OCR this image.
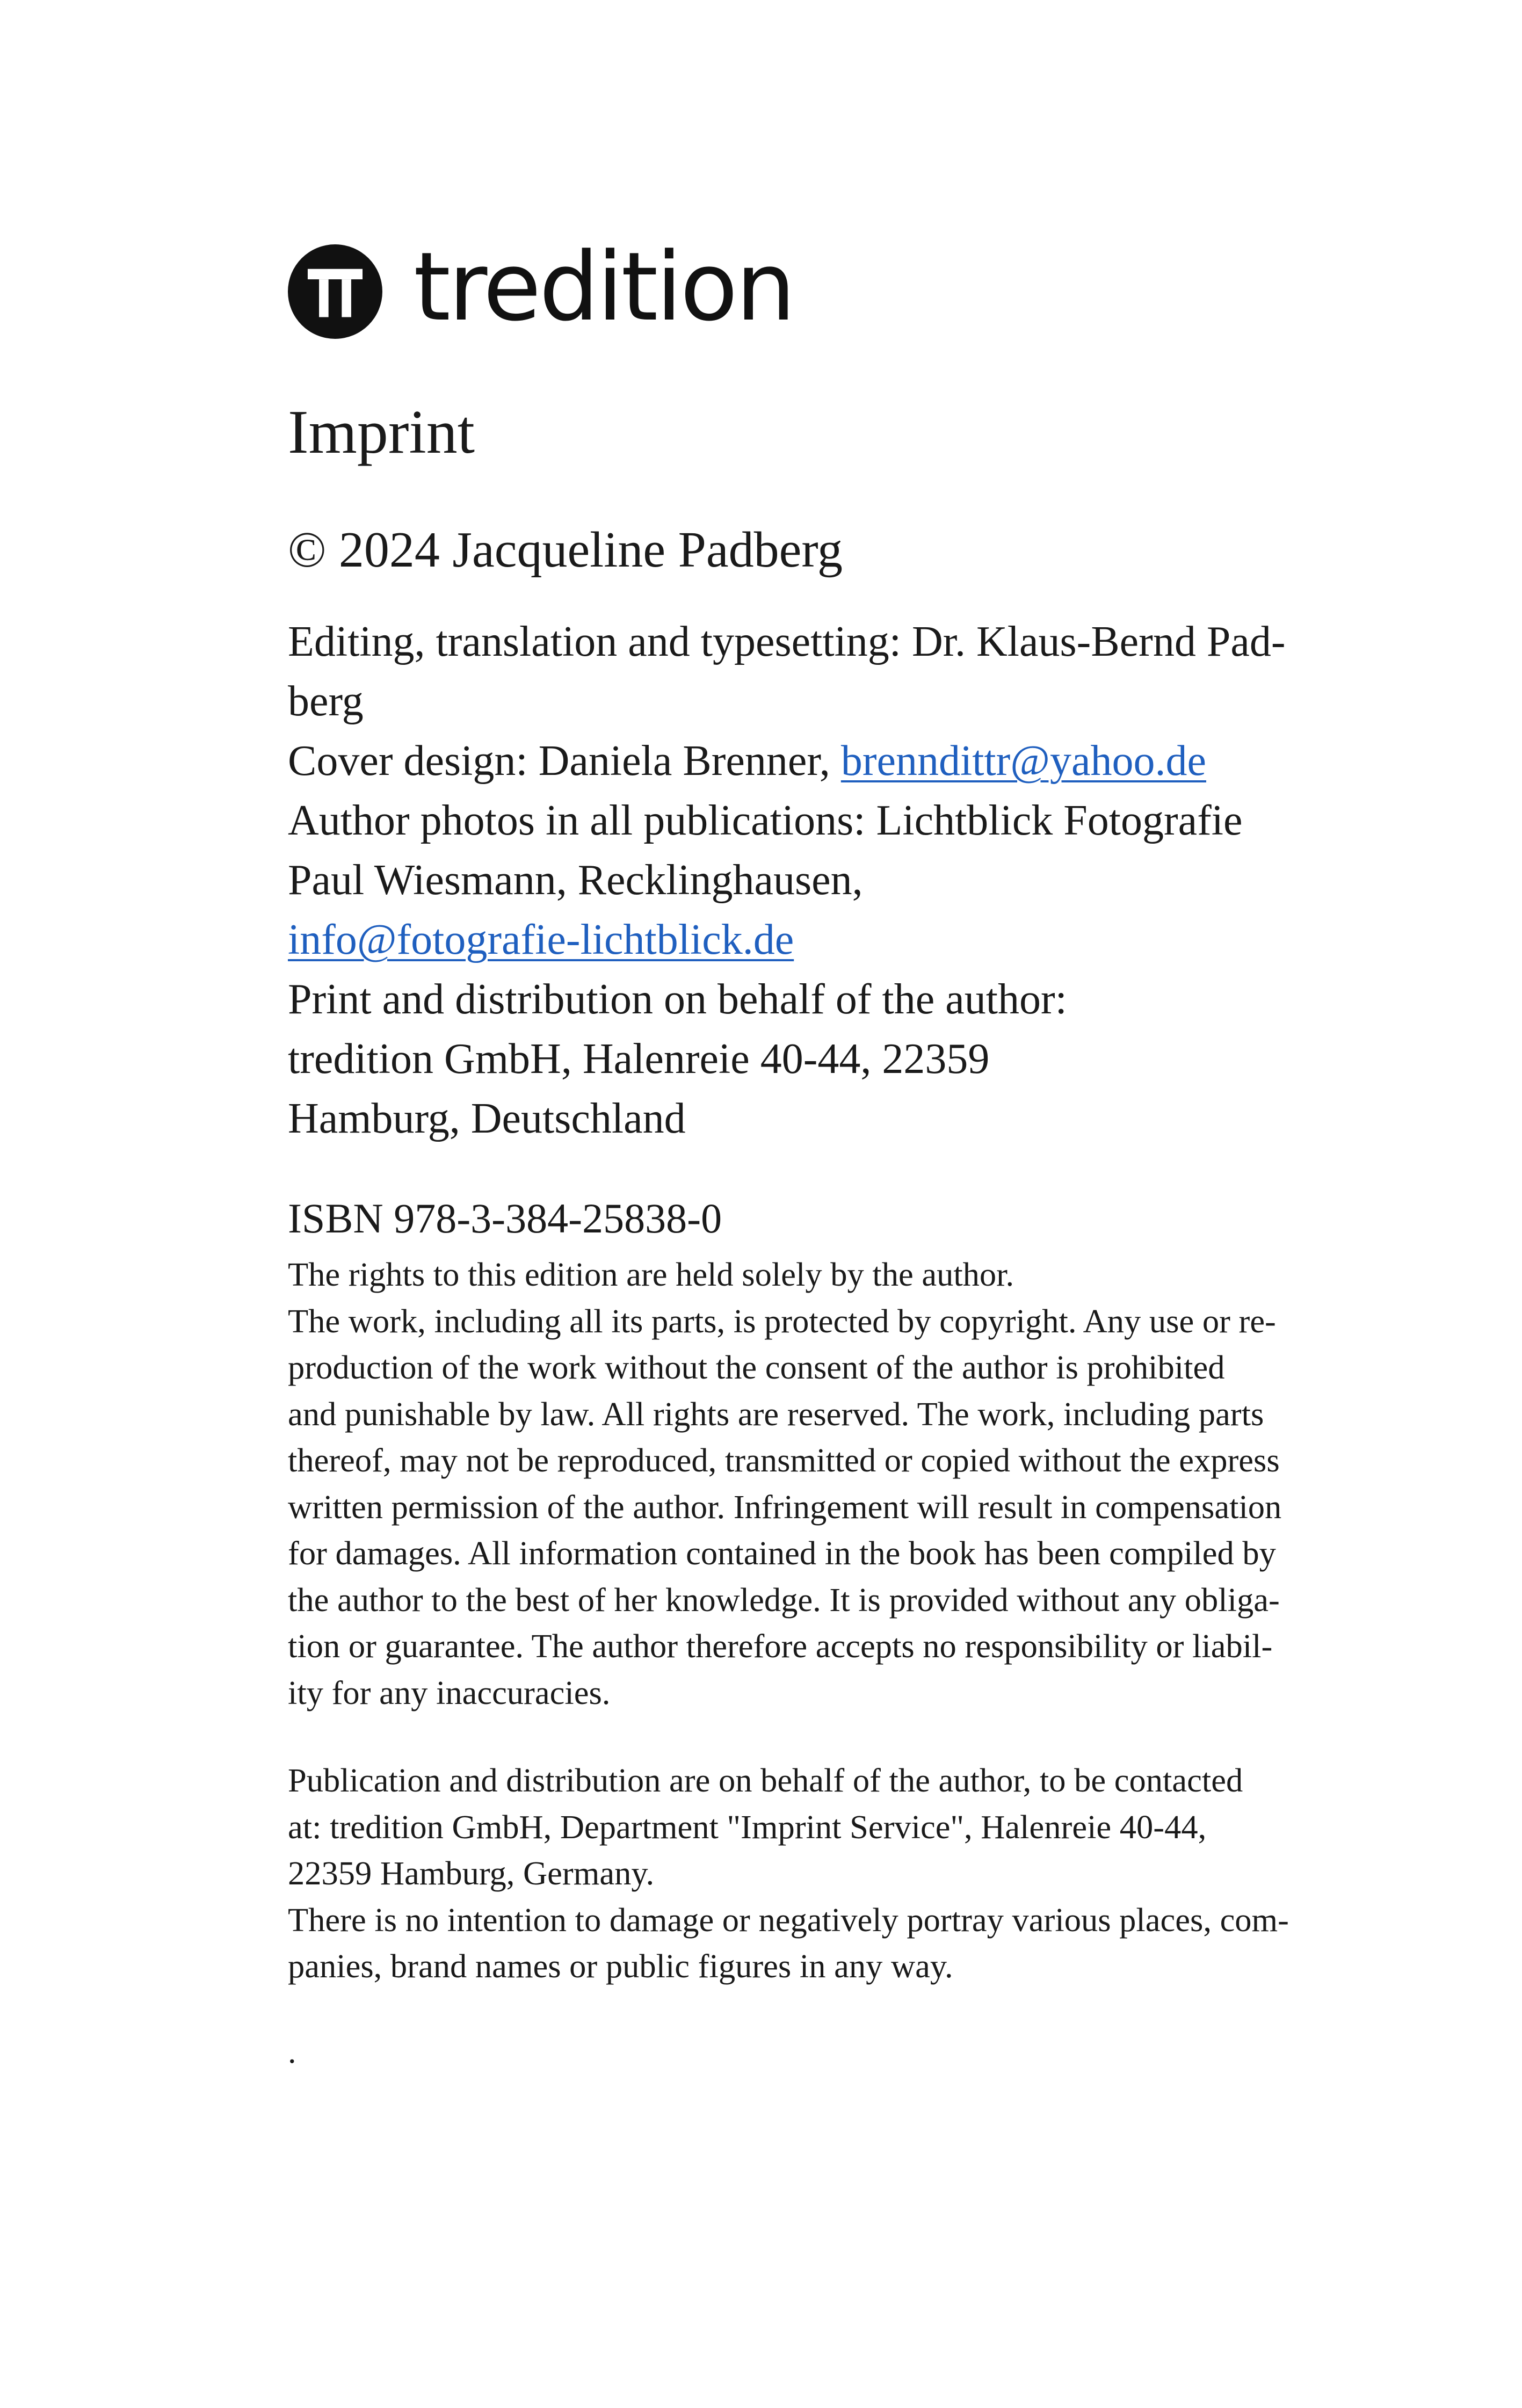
tredition
Imprint

© 2024 Jacqueline Padberg

Editing, translation and typesetting: Dr. Klaus-Bernd Pad-
berg
Cover design: Daniela Brenner, brenndittr@yahoo.de
Author photos in all publications: Lichtblick Fotografie
Paul Wiesmann, Recklinghausen,
info@fotografie-lichtblick.de
Print and distribution on behalf of the author:
tredition GmbH, Halenreie 40-44, 22359
Hamburg, Deutschland

ISBN 978-3-384-25838-0

The rights to this edition are held solely by the author.
The work, including all its parts, is protected by copyright. Any use or re-
production of the work without the consent of the author is prohibited
and punishable by law. All rights are reserved. The work, including parts
thereof, may not be reproduced, transmitted or copied without the express
written permission of the author. Infringement will result in compensation
for damages. All information contained in the book has been compiled by
the author to the best of her knowledge. It is provided without any obliga-
tion or guarantee. The author therefore accepts no responsibility or liabil-
ity for any inaccuracies.
Publication and distribution are on behalf of the author, to be contacted
at: tredition GmbH, Department "Imprint Service", Halenreie 40-44,
22359 Hamburg, Germany.
There is no intention to damage or negatively portray various places, com-
panies, brand names or public figures in any way.
.
